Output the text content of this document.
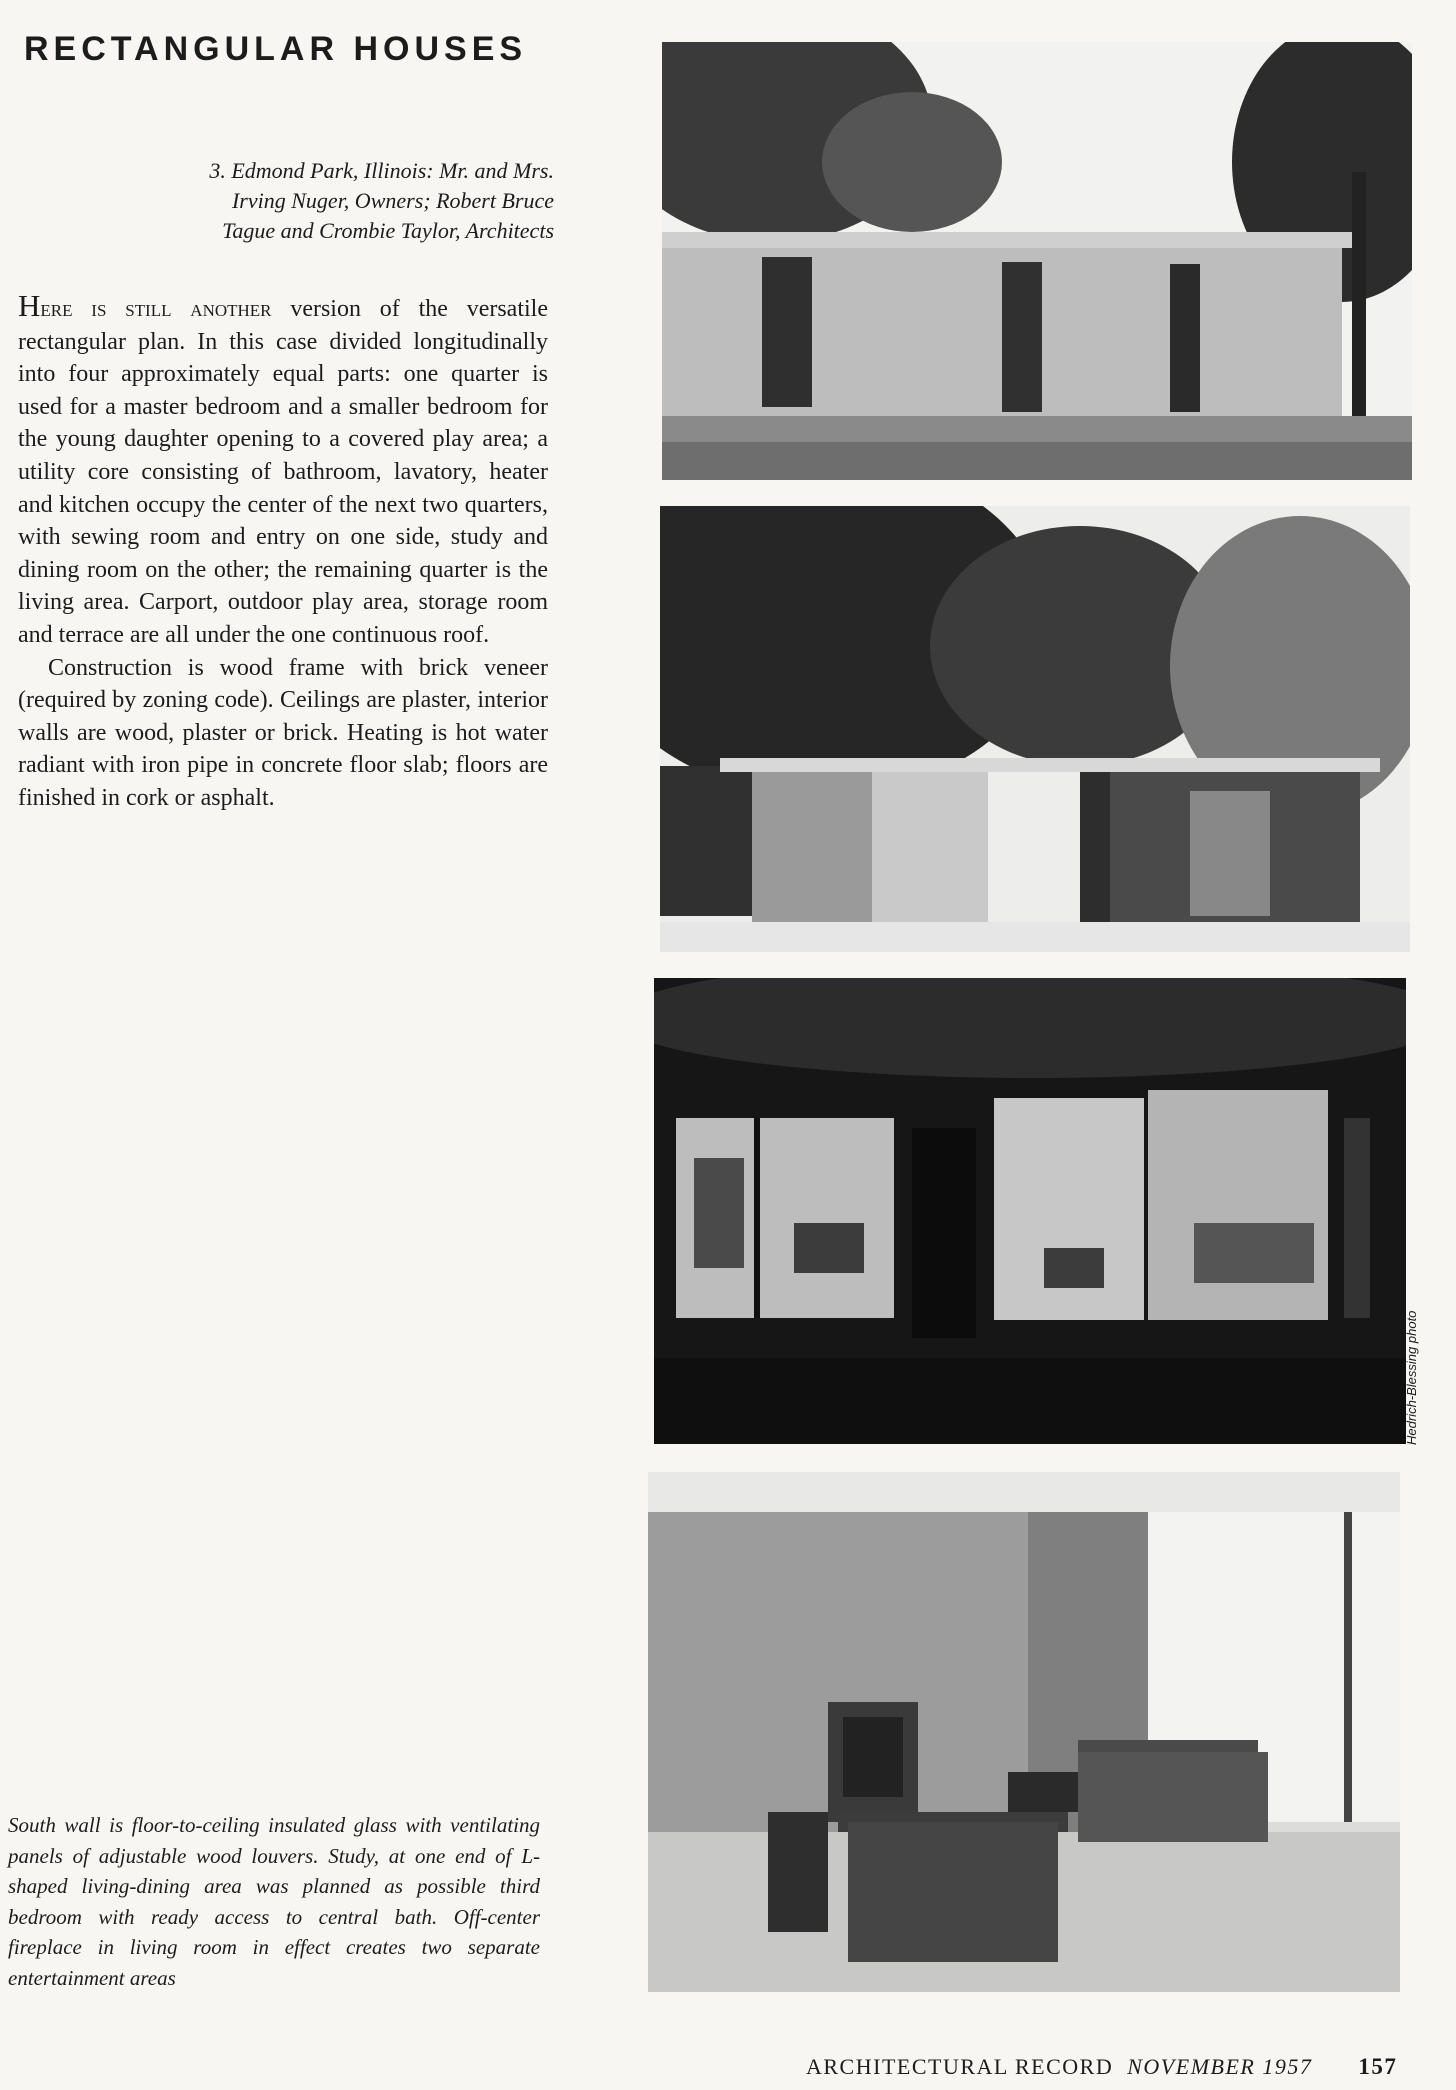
RECTANGULAR HOUSES

3. Edmond Park, Illinois: Mr. and Mrs.
Irving Nuger, Owners; Robert Bruce
Tague and Crombie Taylor, Architects

Here is still another version of the versatile rectangular plan. In this case divided longitudinally into four approximately equal parts: one quarter is used for a master bedroom and a smaller bedroom for the young daughter opening to a covered play area; a utility core consisting of bathroom, lavatory, heater and kitchen occupy the center of the next two quarters, with sewing room and entry on one side, study and dining room on the other; the remaining quarter is the living area. Carport, outdoor play area, storage room and terrace are all under the one continuous roof.

Construction is wood frame with brick veneer (required by zoning code). Ceilings are plaster, interior walls are wood, plaster or brick. Heating is hot water radiant with iron pipe in concrete floor slab; floors are finished in cork or asphalt.

Hedrich-Blessing photo

South wall is floor-to-ceiling insulated glass with ventilating panels of adjustable wood louvers. Study, at one end of L-shaped living-dining area was planned as possible third bedroom with ready access to central bath. Off-center fireplace in living room in effect creates two separate entertainment areas

ARCHITECTURAL RECORD NOVEMBER 1957 157
